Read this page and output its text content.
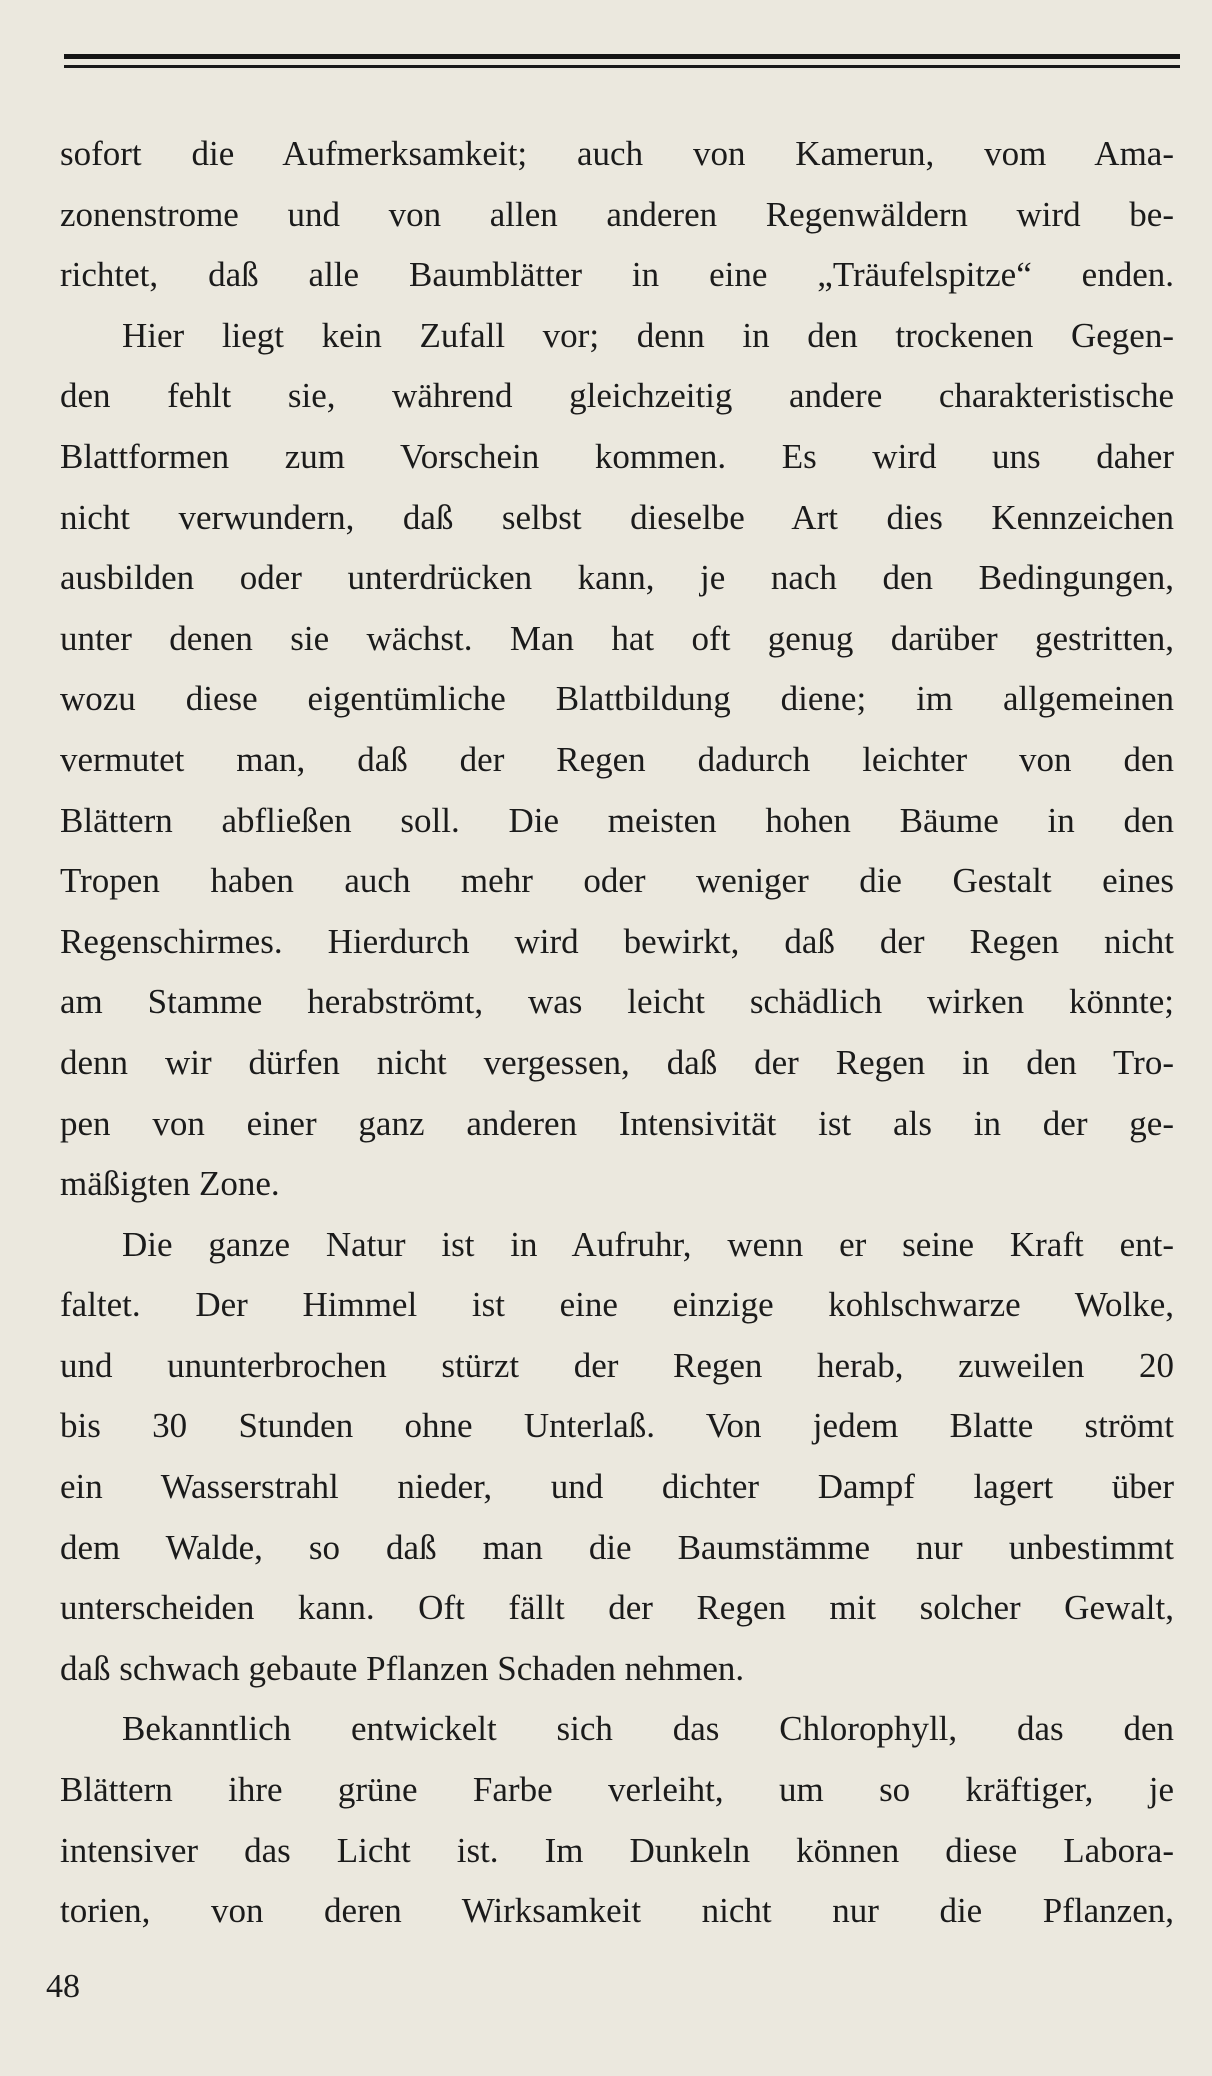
sofort die Aufmerksamkeit; auch von Kamerun, vom Ama-
zonenstrome und von allen anderen Regenwäldern wird be-
richtet, daß alle Baumblätter in eine „Träufelspitze“ enden.
Hier liegt kein Zufall vor; denn in den trockenen Gegen-
den fehlt sie, während gleichzeitig andere charakteristische
Blattformen zum Vorschein kommen. Es wird uns daher
nicht verwundern, daß selbst dieselbe Art dies Kennzeichen
ausbilden oder unterdrücken kann, je nach den Bedingungen,
unter denen sie wächst. Man hat oft genug darüber gestritten,
wozu diese eigentümliche Blattbildung diene; im allgemeinen
vermutet man, daß der Regen dadurch leichter von den
Blättern abfließen soll. Die meisten hohen Bäume in den
Tropen haben auch mehr oder weniger die Gestalt eines
Regenschirmes. Hierdurch wird bewirkt, daß der Regen nicht
am Stamme herabströmt, was leicht schädlich wirken könnte;
denn wir dürfen nicht vergessen, daß der Regen in den Tro-
pen von einer ganz anderen Intensivität ist als in der ge-
mäßigten Zone.
Die ganze Natur ist in Aufruhr, wenn er seine Kraft ent-
faltet. Der Himmel ist eine einzige kohlschwarze Wolke,
und ununterbrochen stürzt der Regen herab, zuweilen 20
bis 30 Stunden ohne Unterlaß. Von jedem Blatte strömt
ein Wasserstrahl nieder, und dichter Dampf lagert über
dem Walde, so daß man die Baumstämme nur unbestimmt
unterscheiden kann. Oft fällt der Regen mit solcher Gewalt,
daß schwach gebaute Pflanzen Schaden nehmen.
Bekanntlich entwickelt sich das Chlorophyll, das den
Blättern ihre grüne Farbe verleiht, um so kräftiger, je
intensiver das Licht ist. Im Dunkeln können diese Labora-
torien, von deren Wirksamkeit nicht nur die Pflanzen,
48
